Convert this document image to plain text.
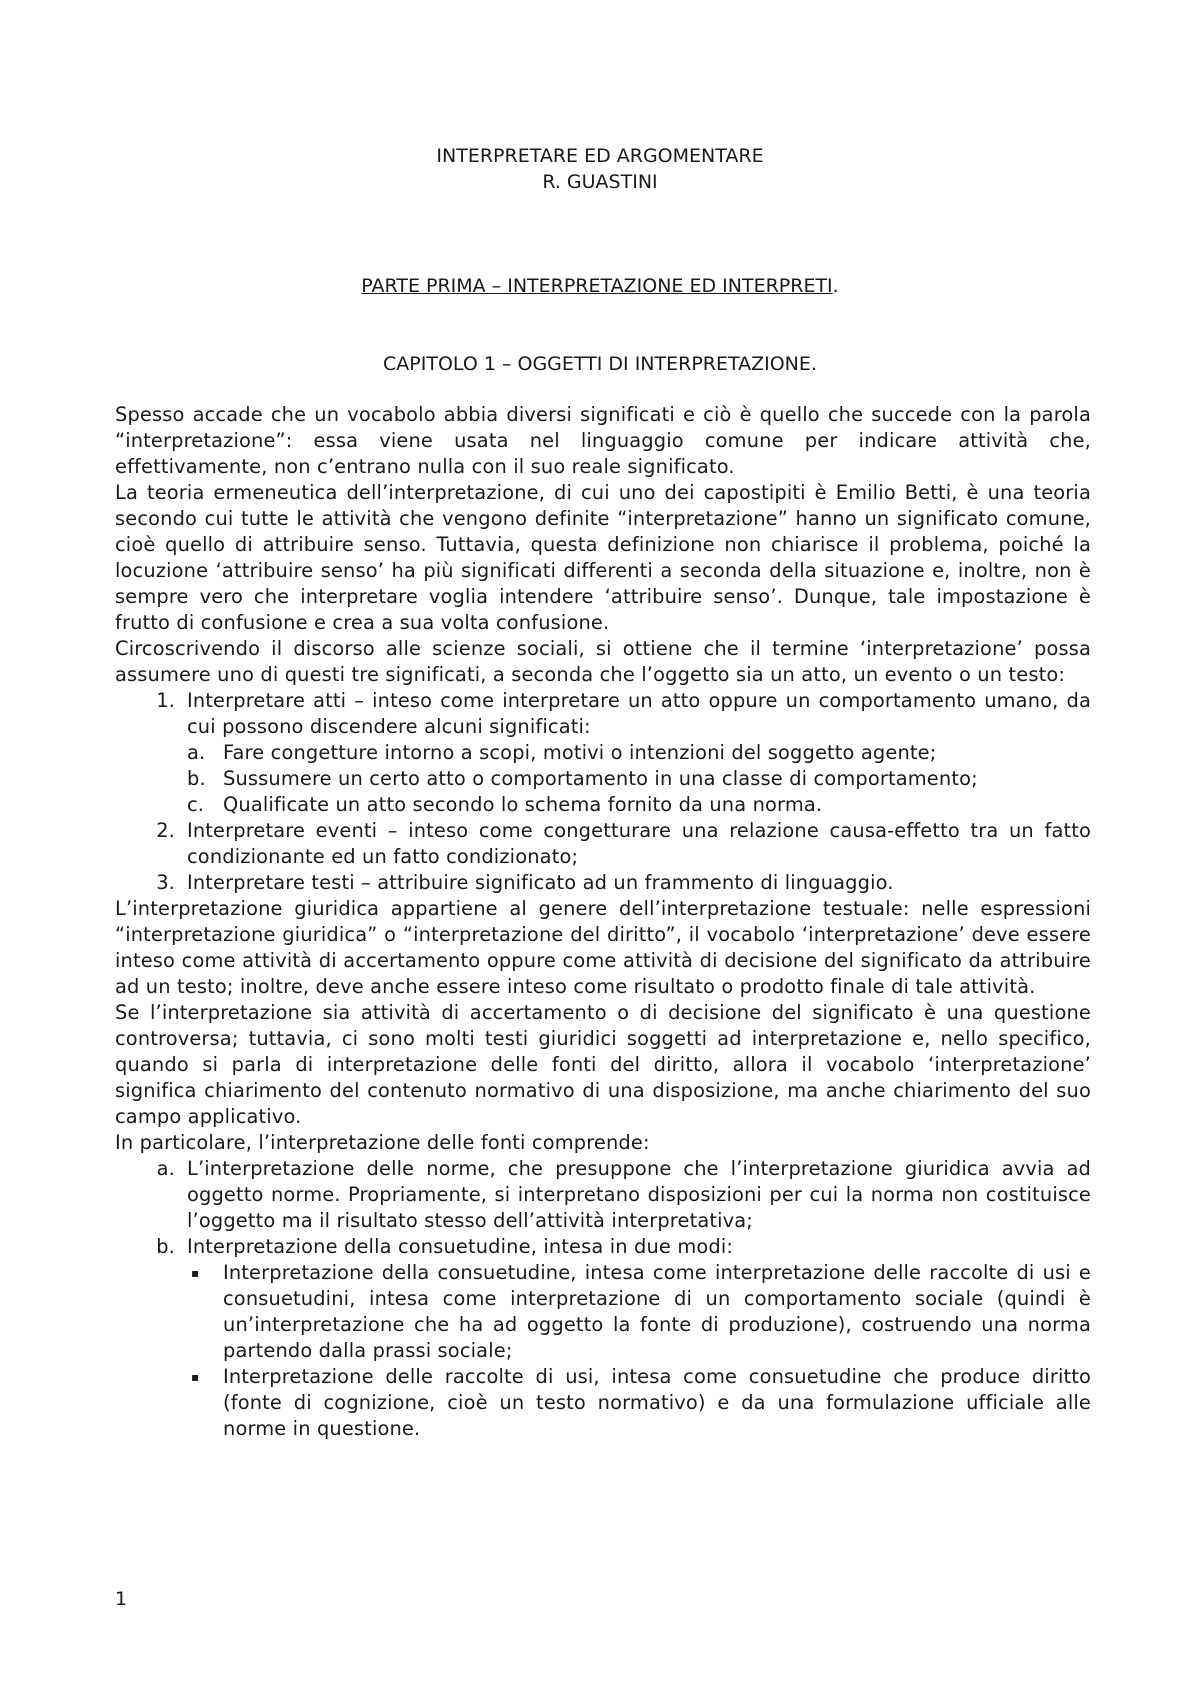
INTERPRETARE ED ARGOMENTARE
R. GUASTINI
PARTE PRIMA – INTERPRETAZIONE ED INTERPRETI.
CAPITOLO 1 – OGGETTI DI INTERPRETAZIONE.

Spesso accade che un vocabolo abbia diversi significati e ciò è quello che succede con la parola “interpretazione”: essa viene usata nel linguaggio comune per indicare attività che, effettivamente, non c’entrano nulla con il suo reale significato.

La teoria ermeneutica dell’interpretazione, di cui uno dei capostipiti è Emilio Betti, è una teoria secondo cui tutte le attività che vengono definite “interpretazione” hanno un significato comune, cioè quello di attribuire senso. Tuttavia, questa definizione non chiarisce il problema, poiché la locuzione ‘attribuire senso’ ha più significati differenti a seconda della situazione e, inoltre, non è sempre vero che interpretare voglia intendere ‘attribuire senso’. Dunque, tale impostazione è frutto di confusione e crea a sua volta confusione.

Circoscrivendo il discorso alle scienze sociali, si ottiene che il termine ‘interpretazione’ possa assumere uno di questi tre significati, a seconda che l’oggetto sia un atto, un evento o un testo:

1. Interpretare atti – inteso come interpretare un atto oppure un comportamento umano, da cui possono discendere alcuni significati:
a. Fare congetture intorno a scopi, motivi o intenzioni del soggetto agente;
b. Sussumere un certo atto o comportamento in una classe di comportamento;
c. Qualificate un atto secondo lo schema fornito da una norma.
2. Interpretare eventi – inteso come congetturare una relazione causa-effetto tra un fatto condizionante ed un fatto condizionato;
3. Interpretare testi – attribuire significato ad un frammento di linguaggio.

L’interpretazione giuridica appartiene al genere dell’interpretazione testuale: nelle espressioni “interpretazione giuridica” o “interpretazione del diritto”, il vocabolo ‘interpretazione’ deve essere inteso come attività di accertamento oppure come attività di decisione del significato da attribuire ad un testo; inoltre, deve anche essere inteso come risultato o prodotto finale di tale attività.

Se l’interpretazione sia attività di accertamento o di decisione del significato è una questione controversa; tuttavia, ci sono molti testi giuridici soggetti ad interpretazione e, nello specifico, quando si parla di interpretazione delle fonti del diritto, allora il vocabolo ‘interpretazione’ significa chiarimento del contenuto normativo di una disposizione, ma anche chiarimento del suo campo applicativo.

In particolare, l’interpretazione delle fonti comprende:

a. L’interpretazione delle norme, che presuppone che l’interpretazione giuridica avvia ad oggetto norme. Propriamente, si interpretano disposizioni per cui la norma non costituisce l’oggetto ma il risultato stesso dell’attività interpretativa;
b. Interpretazione della consuetudine, intesa in due modi:
▪ Interpretazione della consuetudine, intesa come interpretazione delle raccolte di usi e consuetudini, intesa come interpretazione di un comportamento sociale (quindi è un’interpretazione che ha ad oggetto la fonte di produzione), costruendo una norma partendo dalla prassi sociale;
▪ Interpretazione delle raccolte di usi, intesa come consuetudine che produce diritto (fonte di cognizione, cioè un testo normativo) e da una formulazione ufficiale alle norme in questione.
1
